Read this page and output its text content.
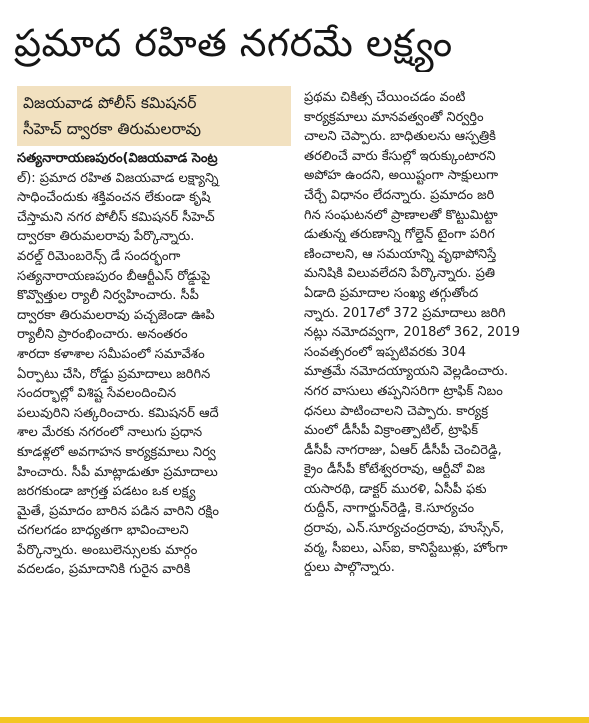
ప్రమాద రహిత నగరమే లక్ష్యం
విజయవాడ పోలీస్ కమిషనర్
సీహెచ్ ద్వారకా తిరుమలరావు
సత్యనారాయణపురం(విజయవాడ సెంట్ర
ల్): ప్రమాద రహిత విజయవాడ లక్ష్యాన్ని
సాధించేందుకు శక్తివంచన లేకుండా కృషి
చేస్తామని నగర పోలీస్ కమిషనర్ సీహెచ్
ద్వారకా తిరుమలరావు పేర్కొన్నారు.
వరల్డ్ రిమెంబరెన్స్ డే సందర్భంగా
సత్యనారాయణపురం బీఆర్టీఎస్ రోడ్డుపై
కొవ్వొత్తుల ర్యాలీ నిర్వహించారు. సీపీ
ద్వారకా తిరుమలరావు పచ్చజెండా ఊపి
ర్యాలీని ప్రారంభించారు. అనంతరం
శారదా కళాశాల సమీపంలో సమావేశం
ఏర్పాటు చేసి, రోడ్డు ప్రమాదాలు జరిగిన
సందర్భాల్లో విశిష్ట సేవలందించిన
పలువురిని సత్కరించారు. కమిషనర్ ఆదే
శాల మేరకు నగరంలో నాలుగు ప్రధాన
కూడళ్లలో అవగాహన కార్యక్రమాలు నిర్వ
హించారు. సీపీ మాట్లాడుతూ ప్రమాదాలు
జరగకుండా జాగ్రత్త పడటం ఒక లక్ష్య
మైతే, ప్రమాదం బారిన పడిన వారిని రక్షిం
చగలగడం బాధ్యతగా భావించాలని
పేర్కొన్నారు. అంబులెన్సులకు మార్గం
వదలడం, ప్రమాదానికి గురైన వారికి
ప్రథమ చికిత్స చేయించడం వంటి
కార్యక్రమాలు మానవత్వంతో నిర్వర్తిం
చాలని చెప్పారు. బాధితులను ఆస్పత్రికి
తరలించే వారు కేసుల్లో ఇరుక్కుంటారని
అపోహ ఉందని, అయిష్టంగా సాక్షులుగా
చేర్చే విధానం లేదన్నారు. ప్రమాదం జరి
గిన సంఘటనలో ప్రాణాలతో కొట్టుమిట్టా
డుతున్న తరుణాన్ని గోల్డెన్ టైంగా పరిగ
ణించాలని, ఆ సమయాన్ని వృథాపోనిస్తే
మనిషికి విలువలేదని పేర్కొన్నారు. ప్రతి
ఏడాది ప్రమాదాల సంఖ్య తగ్గుతోంద
న్నారు. 2017లో 372 ప్రమాదాలు జరిగి
నట్లు నమోదవ్వగా, 2018లో 362, 2019
సంవత్సరంలో ఇప్పటివరకు 304
మాత్రమే నమోదయ్యాయని వెల్లడించారు.
నగర వాసులు తప్పనిసరిగా ట్రాఫిక్ నిబం
ధనలు పాటించాలని చెప్పారు. కార్యక్ర
మంలో డీసీపీ విక్రాంత్పాటిల్, ట్రాఫిక్
డీసీపీ నాగరాజు, ఏఆర్ డీసీపీ చెంచిరెడ్డి,
క్రైం డీసీపీ కోటేశ్వరరావు, ఆర్టీవో విజ
యసారథి, డాక్టర్ మురళి, ఏసీపీ ఫకు
రుద్దీన్, నాగార్జున్‌రెడ్డి, కె.సూర్యచం
ద్రరావు, ఎన్.సూర్యచంద్రరావు, హుస్సేన్,
వర్మ, సీఐలు, ఎస్ఐ, కానిస్టేబుళ్లు, హోంగా
ర్డులు పాల్గొన్నారు.
